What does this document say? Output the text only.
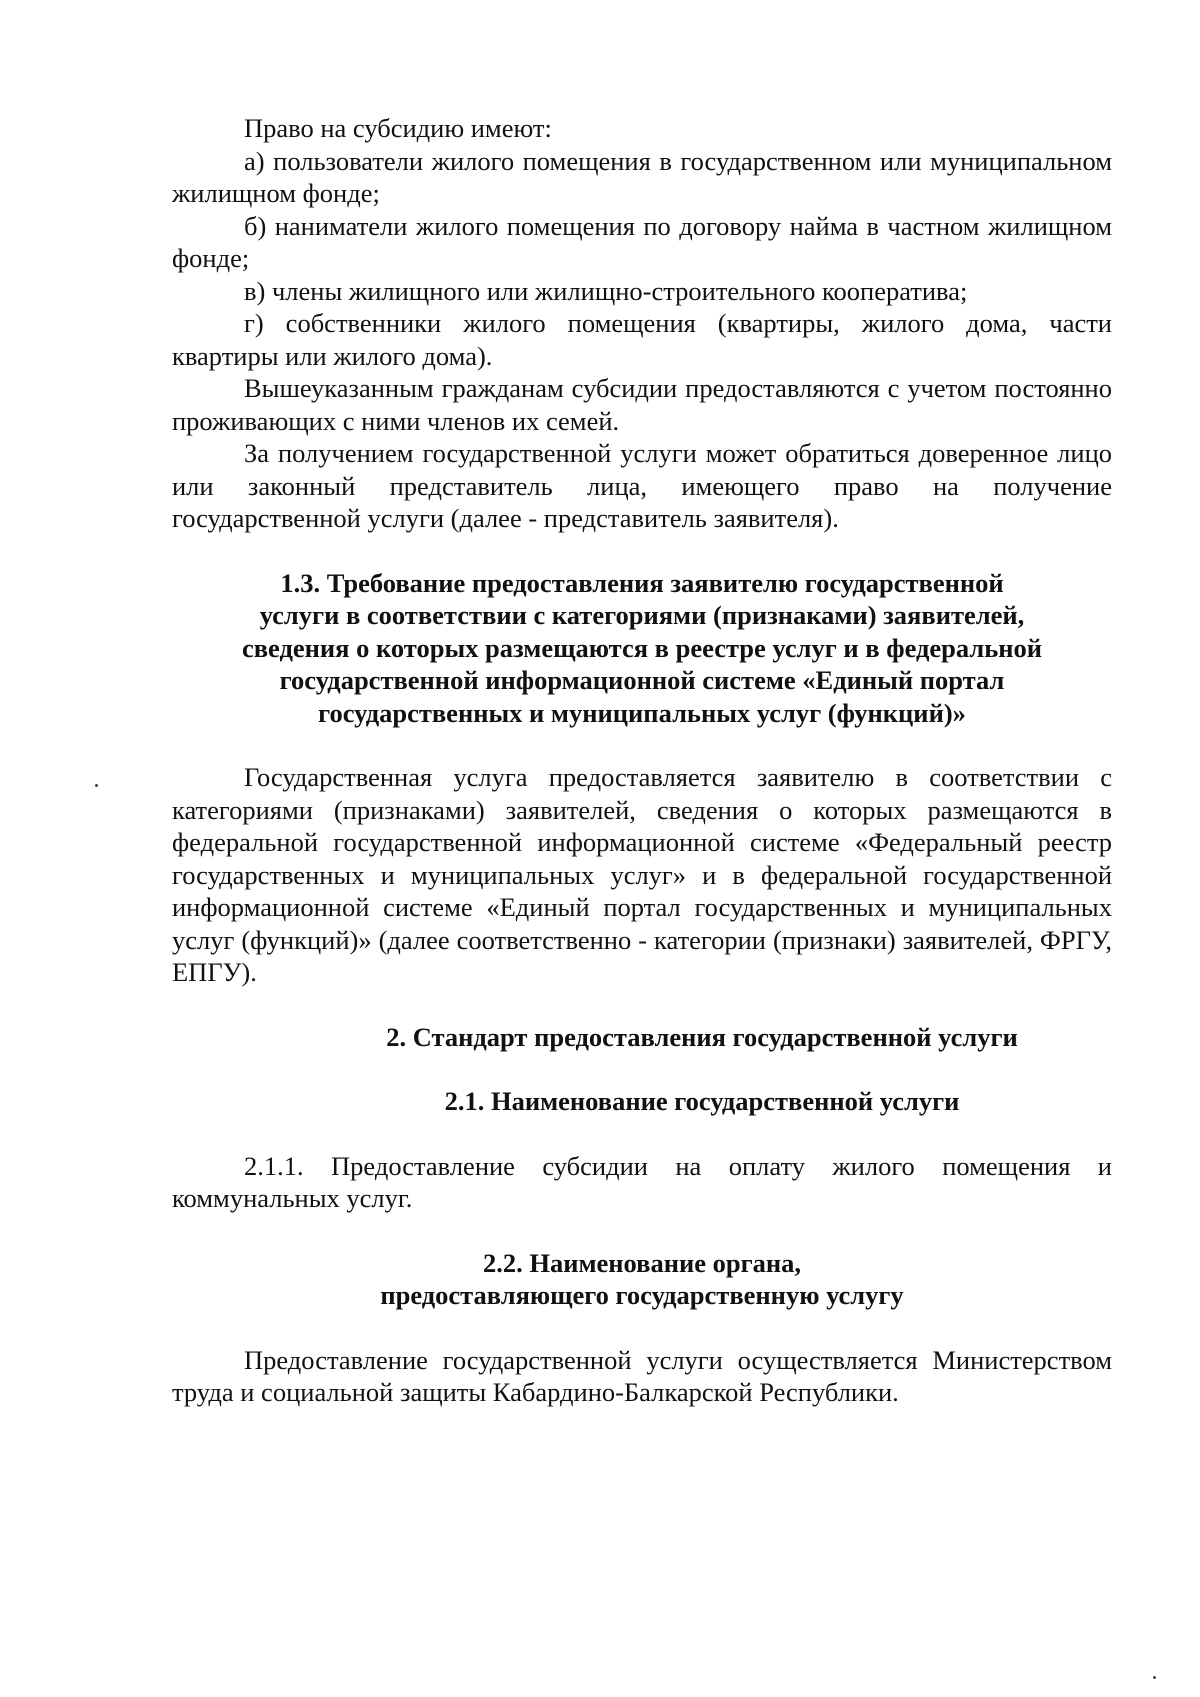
Право на субсидию имеют:

а) пользователи жилого помещения в государственном или муниципальном жилищном фонде;

б) наниматели жилого помещения по договору найма в частном жилищном фонде;

в) члены жилищного или жилищно-строительного кооператива;

г) собственники жилого помещения (квартиры, жилого дома, части квартиры или жилого дома).

Вышеуказанным гражданам субсидии предоставляются с учетом постоянно проживающих с ними членов их семей.

За получением государственной услуги может обратиться доверенное лицо или законный представитель лица, имеющего право на получение государственной услуги (далее - представитель заявителя).

1.3. Требование предоставления заявителю государственной
услуги в соответствии с категориями (признаками) заявителей,
сведения о которых размещаются в реестре услуг и в федеральной
государственной информационной системе «Единый портал
государственных и муниципальных услуг (функций)»

Государственная услуга предоставляется заявителю в соответствии с категориями (признаками) заявителей, сведения о которых размещаются в федеральной государственной информационной системе «Федеральный реестр государственных и муниципальных услуг» и в федеральной государственной информационной системе «Единый портал государственных и муниципальных услуг (функций)» (далее соответственно - категории (признаки) заявителей, ФРГУ, ЕПГУ).

2. Стандарт предоставления государственной услуги
2.1. Наименование государственной услуги

2.1.1. Предоставление субсидии на оплату жилого помещения и коммунальных услуг.

2.2. Наименование органа,
предоставляющего государственную услугу

Предоставление государственной услуги осуществляется Министерством труда и социальной защиты Кабардино-Балкарской Республики.
